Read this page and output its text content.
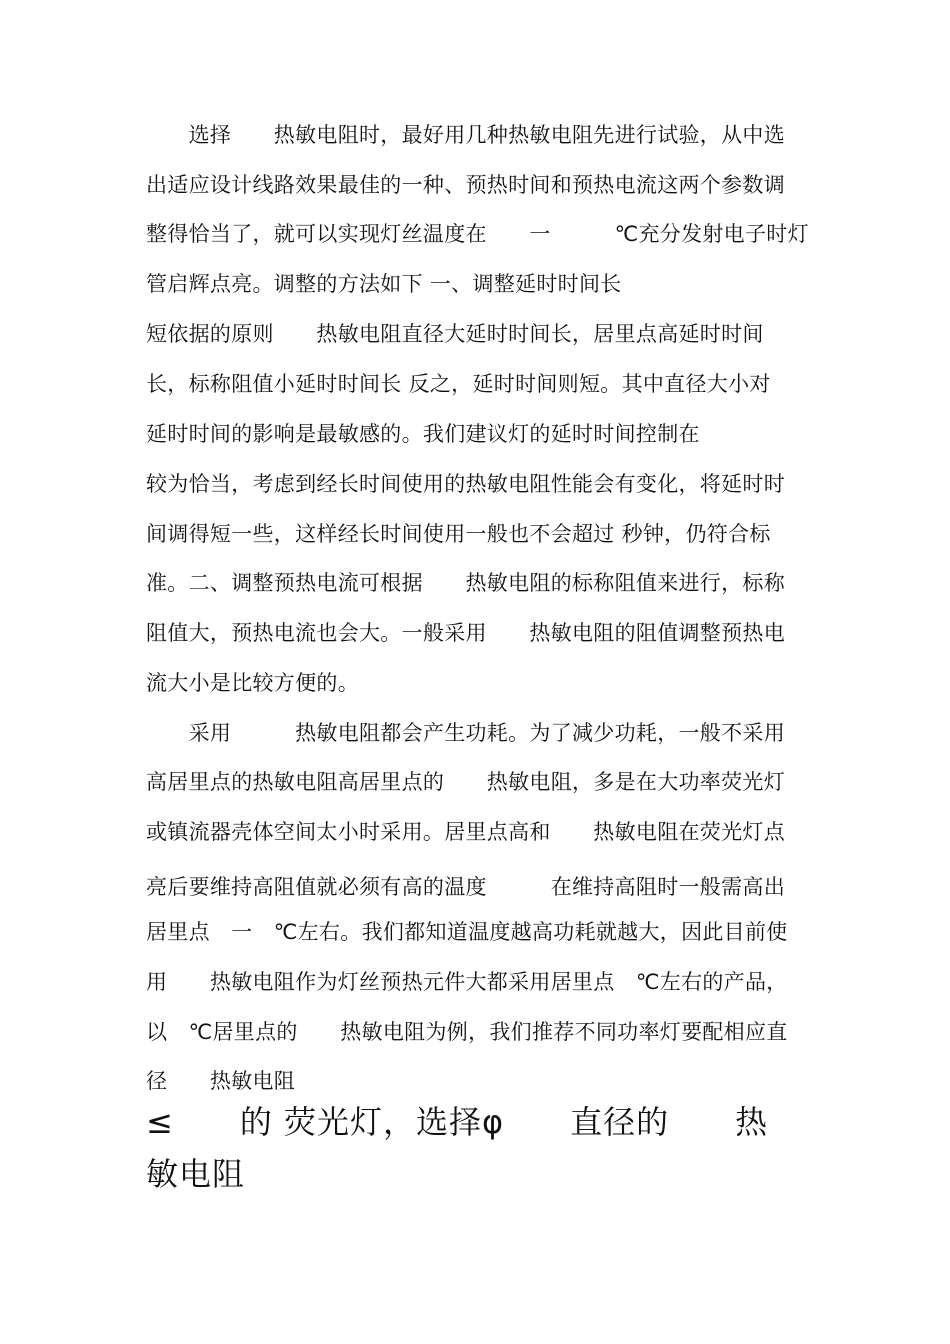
　　选择　　热敏电阻时，最好用几种热敏电阻先进行试验，从中选
出适应设计线路效果最佳的一种、预热时间和预热电流这两个参数调
整得恰当了，就可以实现灯丝温度在　　一　　　℃充分发射电子时灯
管启辉点亮。调整的方法如下 一、调整延时时间长
短依据的原则　　热敏电阻直径大延时时间长，居里点高延时时间
长，标称阻值小延时时间长 反之，延时时间则短。其中直径大小对
延时时间的影响是最敏感的。我们建议灯的延时时间控制在
较为恰当，考虑到经长时间使用的热敏电阻性能会有变化，将延时时
间调得短一些，这样经长时间使用一般也不会超过 秒钟，仍符合标
准。二、调整预热电流可根据　　热敏电阻的标称阻值来进行，标称
阻值大，预热电流也会大。一般采用　　热敏电阻的阻值调整预热电
流大小是比较方便的。
　　采用　　　热敏电阻都会产生功耗。为了减少功耗，一般不采用
高居里点的热敏电阻高居里点的　　热敏电阻，多是在大功率荧光灯
或镇流器壳体空间太小时采用。居里点高和　　热敏电阻在荧光灯点
亮后要维持高阻值就必须有高的温度　　　在维持高阻时一般需高出
居里点　一　℃左右。我们都知道温度越高功耗就越大，因此目前使
用　　热敏电阻作为灯丝预热元件大都采用居里点　℃左右的产品，
以　℃居里点的　　热敏电阻为例，我们推荐不同功率灯要配相应直
径　　热敏电阻
≤　　的 荧光灯，选择φ　　直径的　　热
敏电阻
